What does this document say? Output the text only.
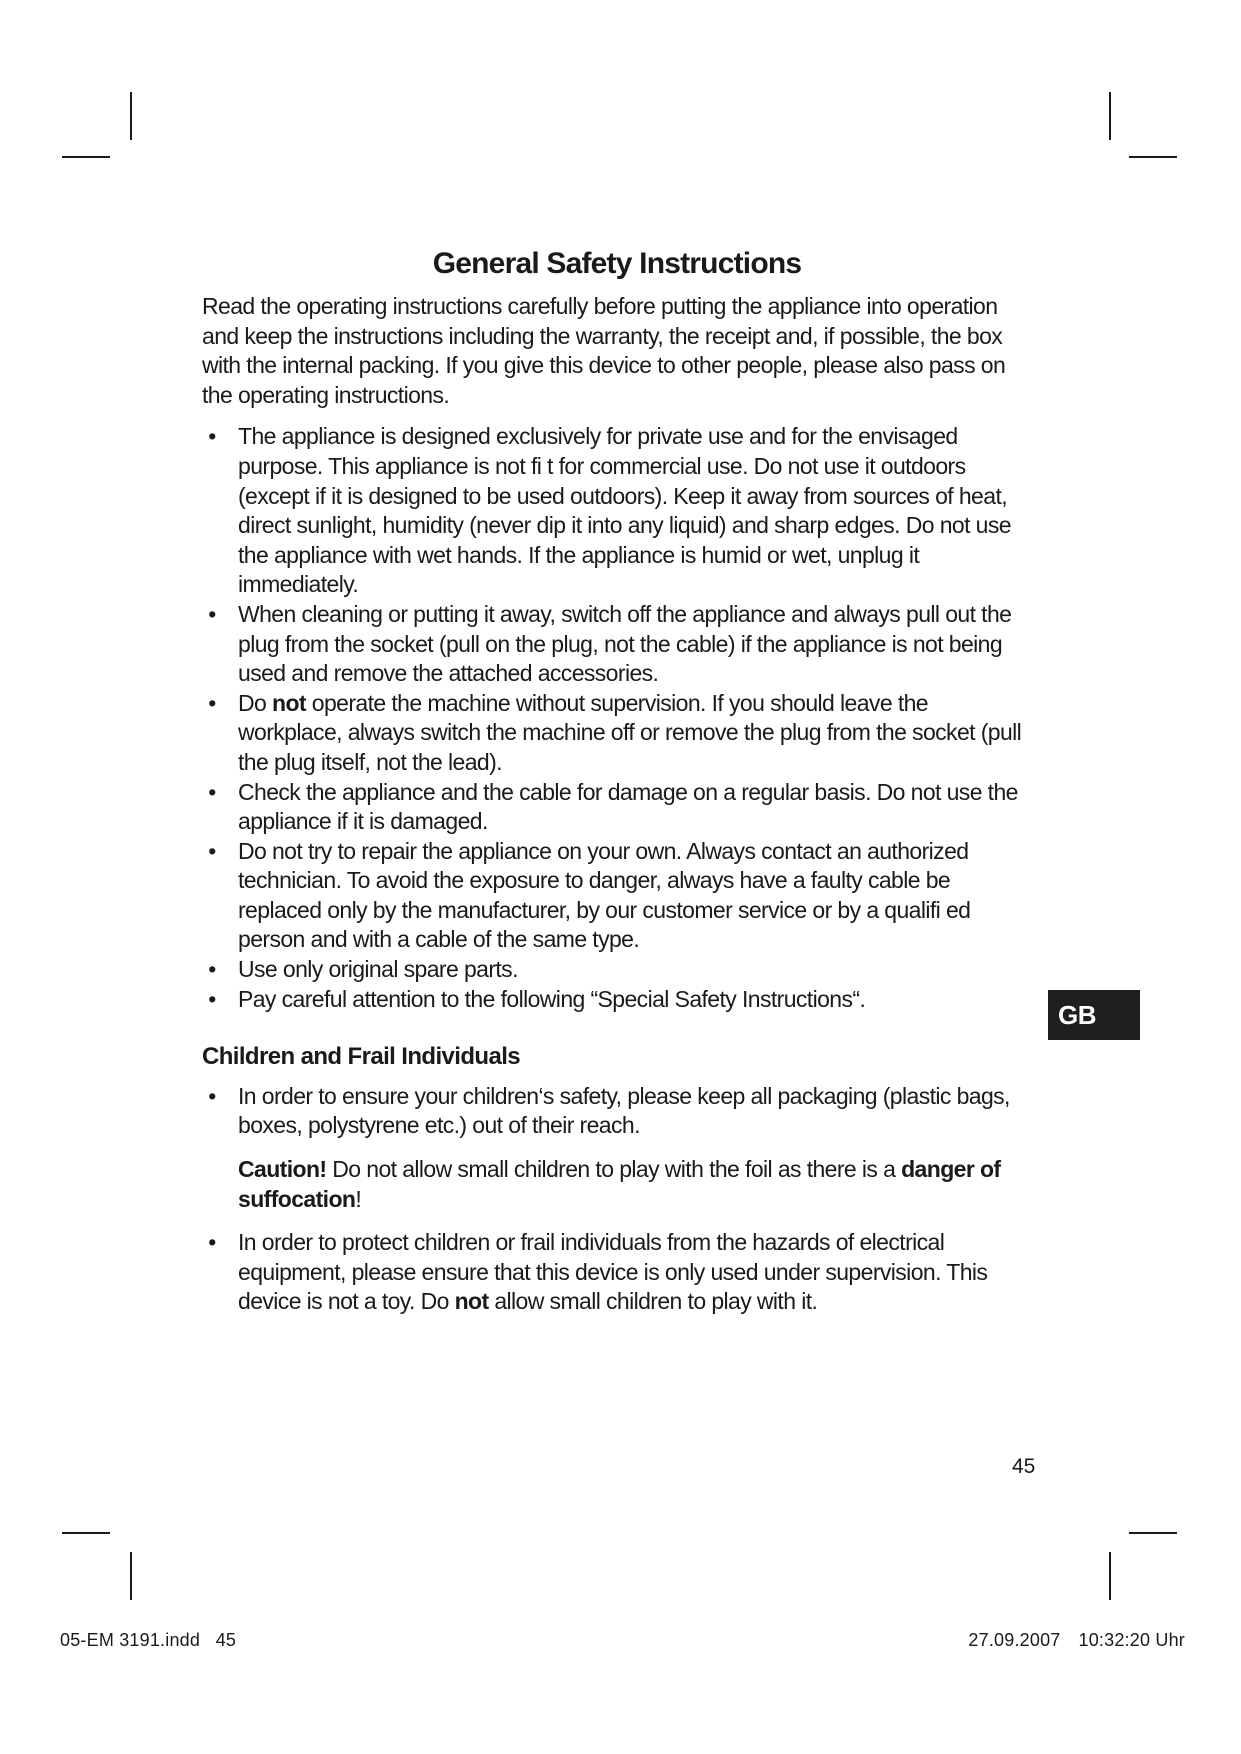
General Safety Instructions

Read the operating instructions carefully before putting the appliance into operation and keep the instructions including the warranty, the receipt and, if possible, the box with the internal packing. If you give this device to other people, please also pass on the operating instructions.

• The appliance is designed exclusively for private use and for the envisaged purpose. This appliance is not fi t for commercial use. Do not use it outdoors (except if it is designed to be used outdoors). Keep it away from sources of heat, direct sunlight, humidity (never dip it into any liquid) and sharp edges. Do not use the appliance with wet hands. If the appliance is humid or wet, unplug it immediately.
• When cleaning or putting it away, switch off the appliance and always pull out the plug from the socket (pull on the plug, not the cable) if the appliance is not being used and remove the attached accessories.
• Do not operate the machine without supervision. If you should leave the workplace, always switch the machine off or remove the plug from the socket (pull the plug itself, not the lead).
• Check the appliance and the cable for damage on a regular basis. Do not use the appliance if it is damaged.
• Do not try to repair the appliance on your own. Always contact an authorized technician. To avoid the exposure to danger, always have a faulty cable be replaced only by the manufacturer, by our customer service or by a qualifi ed person and with a cable of the same type.
• Use only original spare parts.
• Pay careful attention to the following “Special Safety Instructions“.
Children and Frail Individuals
• In order to ensure your children‘s safety, please keep all packaging (plastic bags, boxes, polystyrene etc.) out of their reach.

Caution! Do not allow small children to play with the foil as there is a danger of suffocation!

• In order to protect children or frail individuals from the hazards of electrical equipment, please ensure that this device is only used under supervision. This device is not a toy. Do not allow small children to play with it.
GB
45
05-EM 3191.indd   45	27.09.2007 10:32:20 Uhr
